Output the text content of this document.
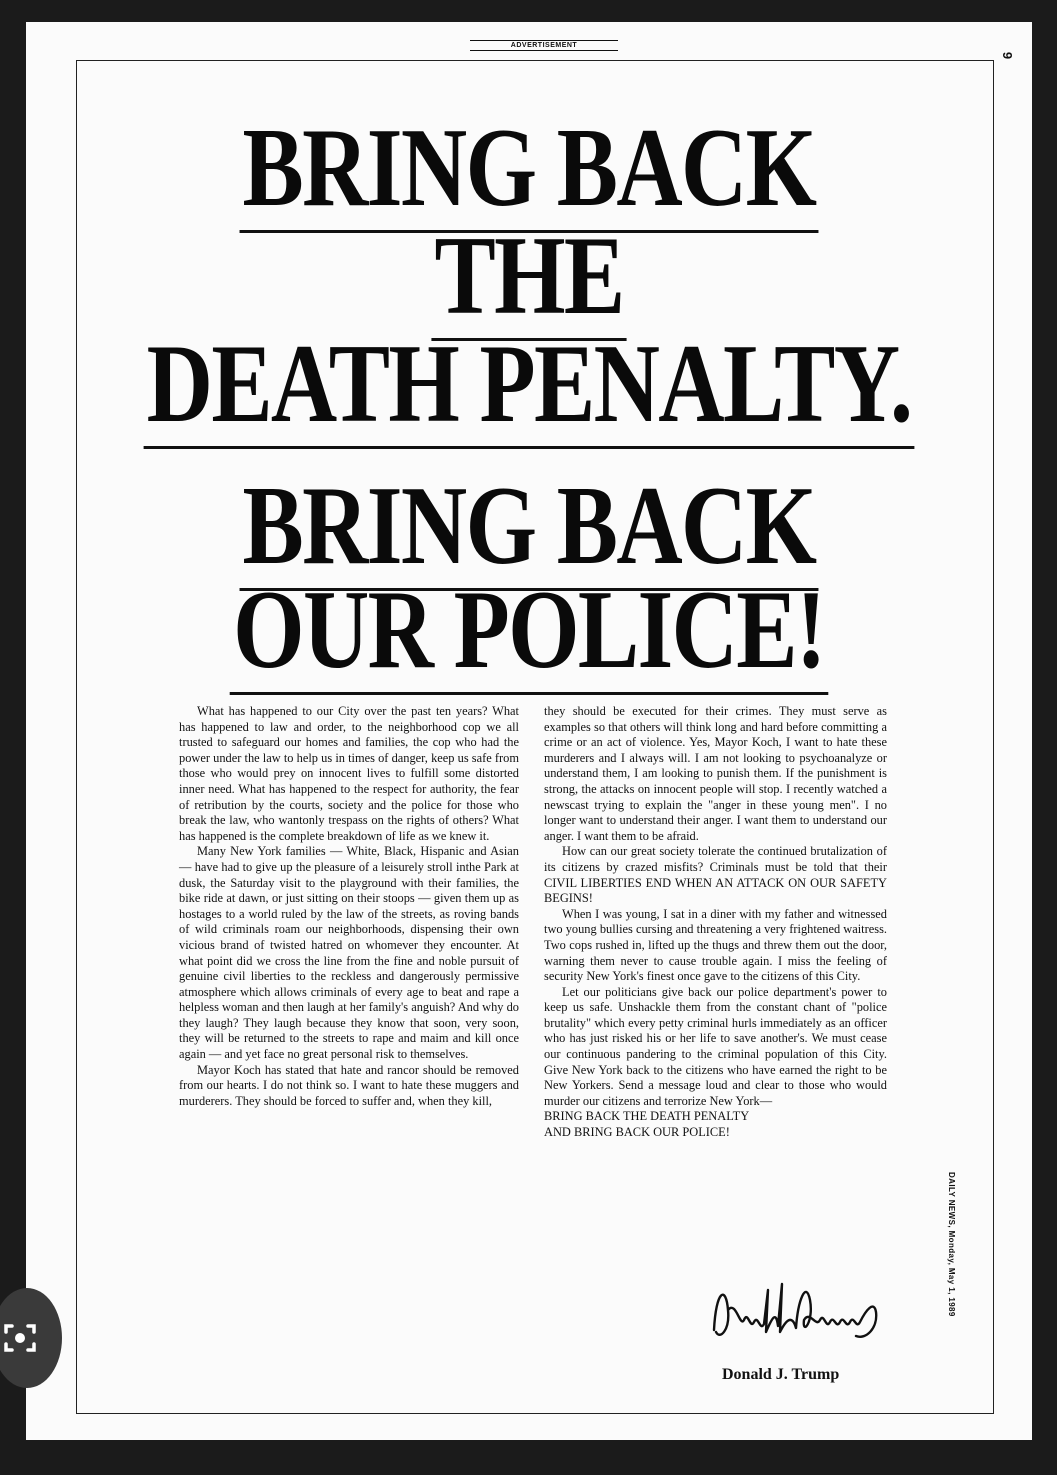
ADVERTISEMENT
9
BRING BACK
THE
DEATH PENALTY.
BRING BACK
OUR POLICE!

What has happened to our City over the past ten years? What has happened to law and order, to the neighborhood cop we all trusted to safeguard our homes and families, the cop who had the power under the law to help us in times of danger, keep us safe from those who would prey on innocent lives to fulfill some distorted inner need. What has happened to the respect for authority, the fear of retribution by the courts, society and the police for those who break the law, who wantonly trespass on the rights of others? What has happened is the complete breakdown of life as we knew it.

Many New York families — White, Black, Hispanic and Asian — have had to give up the pleasure of a leisurely stroll inthe Park at dusk, the Saturday visit to the playground with their families, the bike ride at dawn, or just sitting on their stoops — given them up as hostages to a world ruled by the law of the streets, as roving bands of wild criminals roam our neighborhoods, dispensing their own vicious brand of twisted hatred on whomever they encounter. At what point did we cross the line from the fine and noble pursuit of genuine civil liberties to the reckless and dangerously permissive atmosphere which allows criminals of every age to beat and rape a helpless woman and then laugh at her family's anguish? And why do they laugh? They laugh because they know that soon, very soon, they will be returned to the streets to rape and maim and kill once again — and yet face no great personal risk to themselves.

Mayor Koch has stated that hate and rancor should be removed from our hearts. I do not think so. I want to hate these muggers and murderers. They should be forced to suffer and, when they kill,

they should be executed for their crimes. They must serve as examples so that others will think long and hard before committing a crime or an act of violence. Yes, Mayor Koch, I want to hate these murderers and I always will. I am not looking to psychoanalyze or understand them, I am looking to punish them. If the punishment is strong, the attacks on innocent people will stop. I recently watched a newscast trying to explain the "anger in these young men". I no longer want to understand their anger. I want them to understand our anger. I want them to be afraid.

How can our great society tolerate the continued brutalization of its citizens by crazed misfits? Criminals must be told that their CIVIL LIBERTIES END WHEN AN ATTACK ON OUR SAFETY BEGINS!

When I was young, I sat in a diner with my father and witnessed two young bullies cursing and threatening a very frightened waitress. Two cops rushed in, lifted up the thugs and threw them out the door, warning them never to cause trouble again. I miss the feeling of security New York's finest once gave to the citizens of this City.

Let our politicians give back our police department's power to keep us safe. Unshackle them from the constant chant of "police brutality" which every petty criminal hurls immediately as an officer who has just risked his or her life to save another's. We must cease our continuous pandering to the criminal population of this City. Give New York back to the citizens who have earned the right to be New Yorkers. Send a message loud and clear to those who would murder our citizens and terrorize New York—

BRING BACK THE DEATH PENALTY

AND BRING BACK OUR POLICE!

Donald J. Trump
DAILY NEWS, Monday, May 1, 1989
